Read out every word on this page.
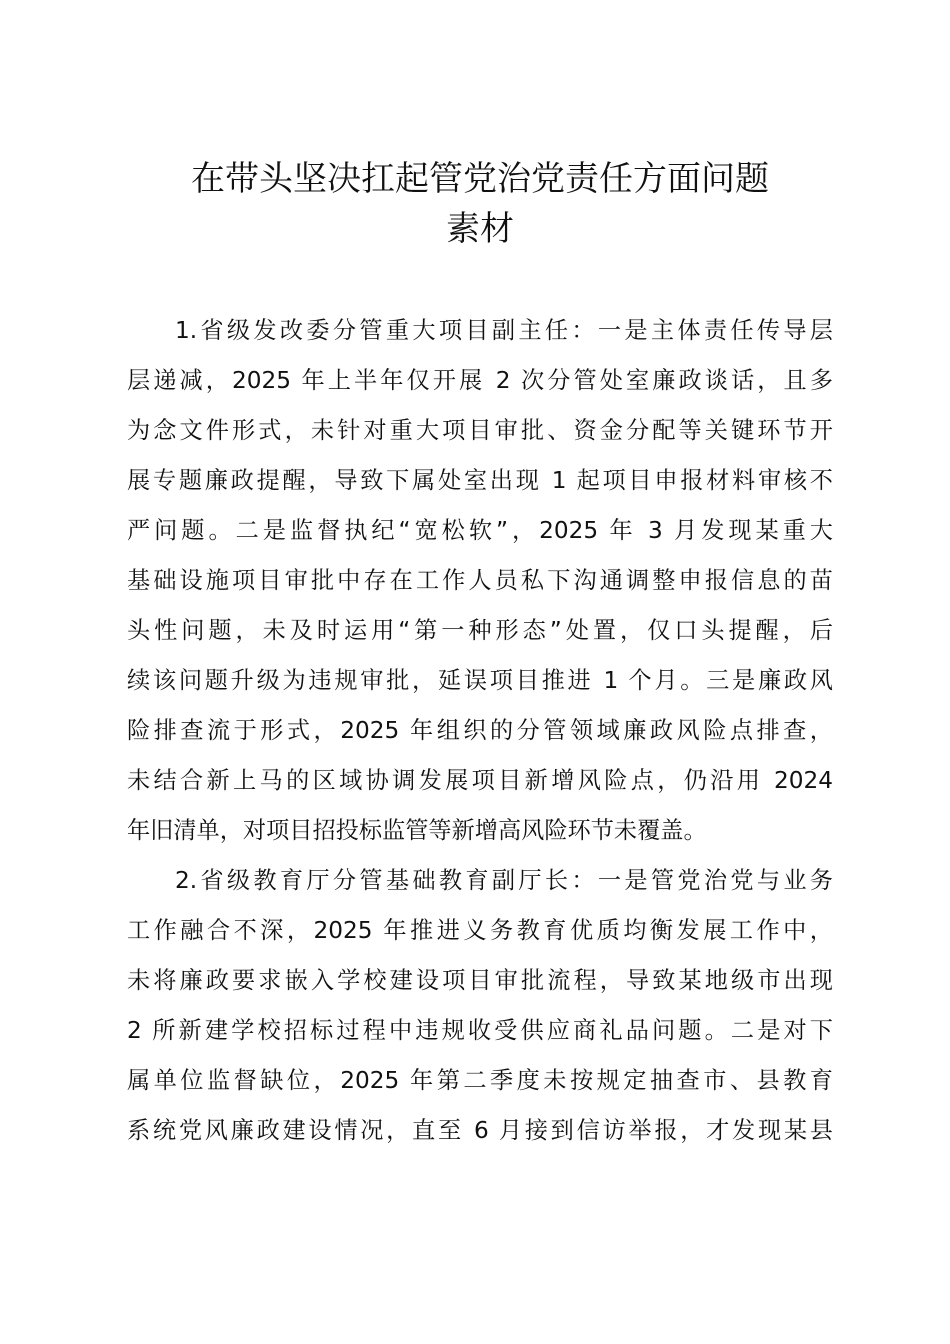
在带头坚决扛起管党治党责任方面问题
素材
1.省级发改委分管重大项目副主任：一是主体责任传导层
层递减，2025 年上半年仅开展 2 次分管处室廉政谈话，且多
为念文件形式，未针对重大项目审批、资金分配等关键环节开
展专题廉政提醒，导致下属处室出现 1 起项目申报材料审核不
严问题。二是监督执纪“宽松软”，2025 年 3 月发现某重大
基础设施项目审批中存在工作人员私下沟通调整申报信息的苗
头性问题，未及时运用“第一种形态”处置，仅口头提醒，后
续该问题升级为违规审批，延误项目推进 1 个月。三是廉政风
险排查流于形式，2025 年组织的分管领域廉政风险点排查，
未结合新上马的区域协调发展项目新增风险点，仍沿用 2024
年旧清单，对项目招投标监管等新增高风险环节未覆盖。
2.省级教育厅分管基础教育副厅长：一是管党治党与业务
工作融合不深，2025 年推进义务教育优质均衡发展工作中，
未将廉政要求嵌入学校建设项目审批流程，导致某地级市出现
2 所新建学校招标过程中违规收受供应商礼品问题。二是对下
属单位监督缺位，2025 年第二季度未按规定抽查市、县教育
系统党风廉政建设情况，直至 6 月接到信访举报，才发现某县
